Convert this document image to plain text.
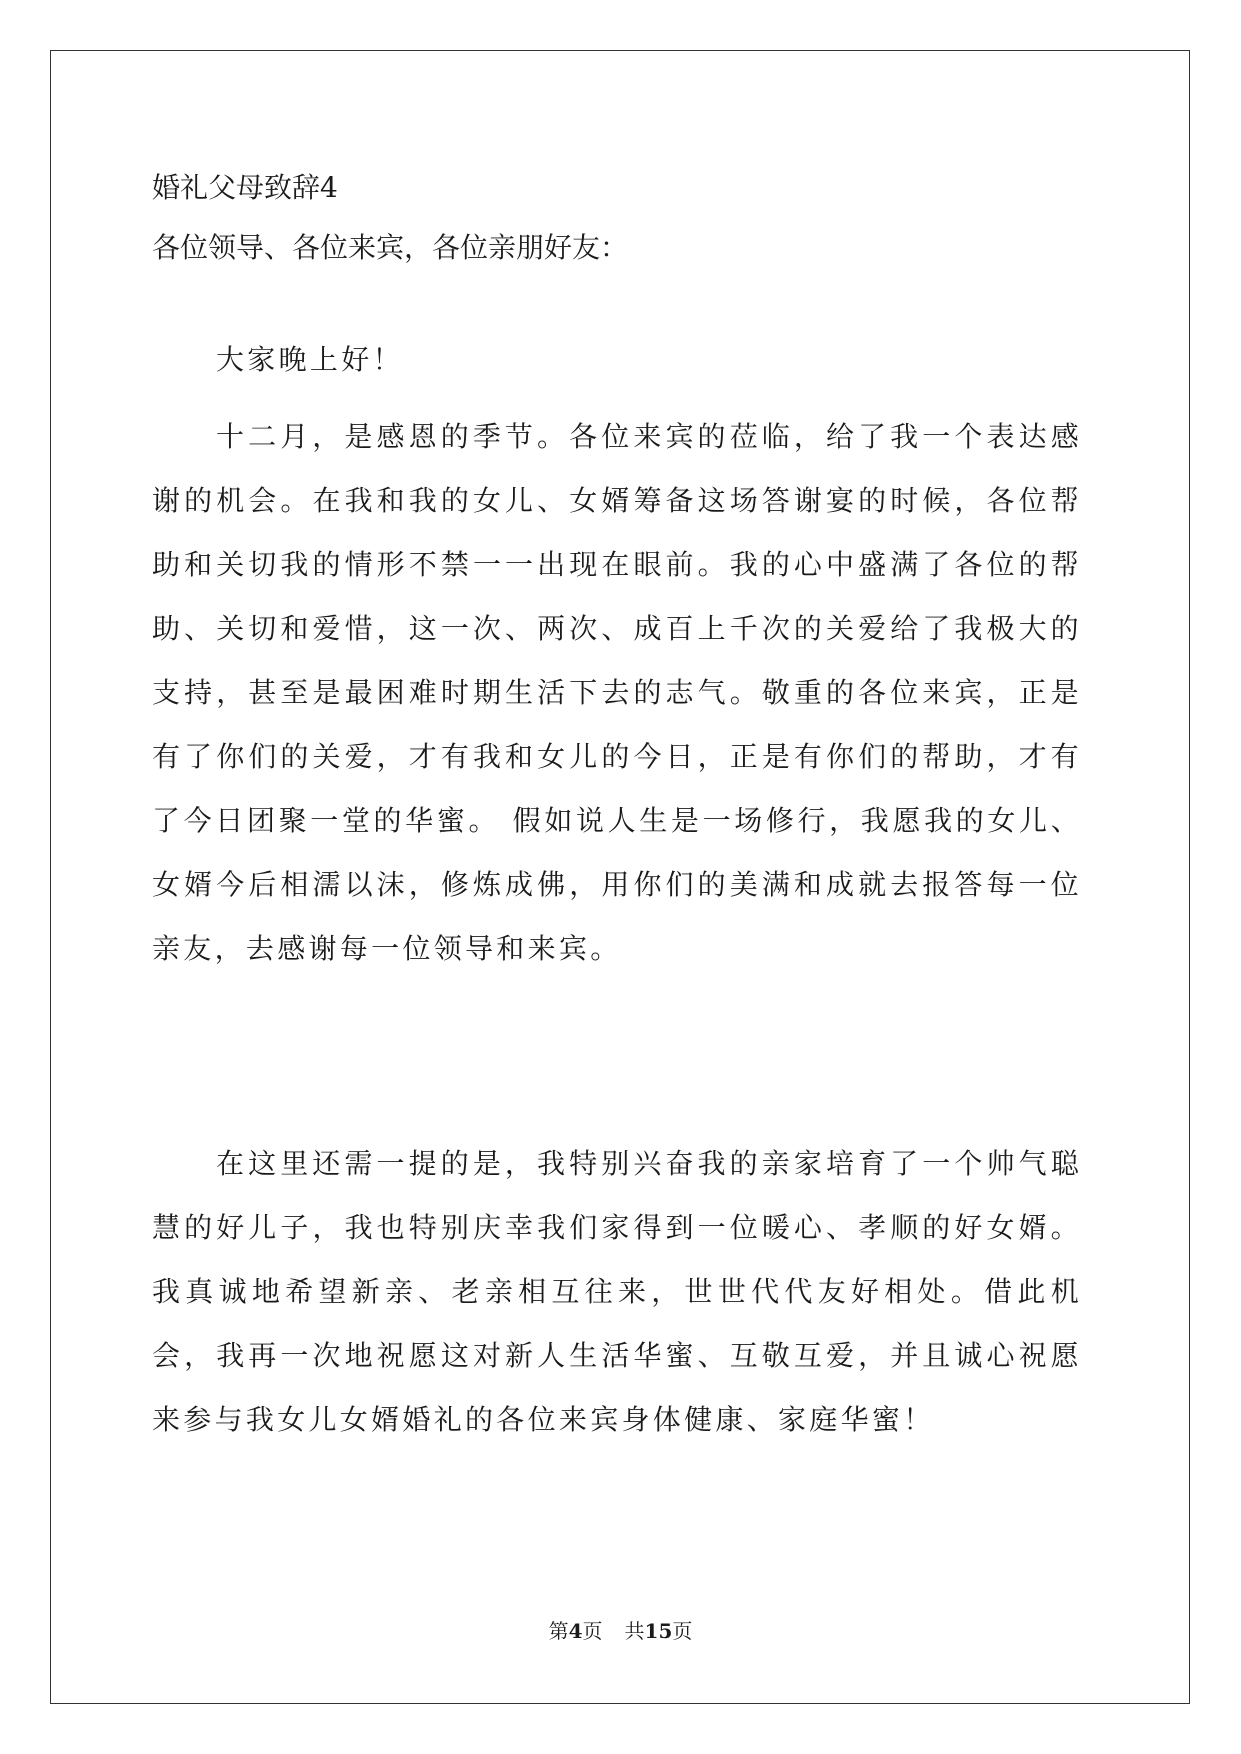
婚礼父母致辞4
各位领导、各位来宾，各位亲朋好友：

大家晚上好！

十二月，是感恩的季节。各位来宾的莅临，给了我一个表达感谢的机会。在我和我的女儿、女婿筹备这场答谢宴的时候，各位帮助和关切我的情形不禁一一出现在眼前。我的心中盛满了各位的帮助、关切和爱惜，这一次、两次、成百上千次的关爱给了我极大的支持，甚至是最困难时期生活下去的志气。敬重的各位来宾，正是有了你们的关爱，才有我和女儿的今日，正是有你们的帮助，才有了今日团聚一堂的华蜜。 假如说人生是一场修行，我愿我的女儿、女婿今后相濡以沫，修炼成佛，用你们的美满和成就去报答每一位亲友，去感谢每一位领导和来宾。

在这里还需一提的是，我特别兴奋我的亲家培育了一个帅气聪慧的好儿子，我也特别庆幸我们家得到一位暖心、孝顺的好女婿。我真诚地希望新亲、老亲相互往来，世世代代友好相处。借此机会，我再一次地祝愿这对新人生活华蜜、互敬互爱，并且诚心祝愿来参与我女儿女婿婚礼的各位来宾身体健康、家庭华蜜！

第4页 共15页
